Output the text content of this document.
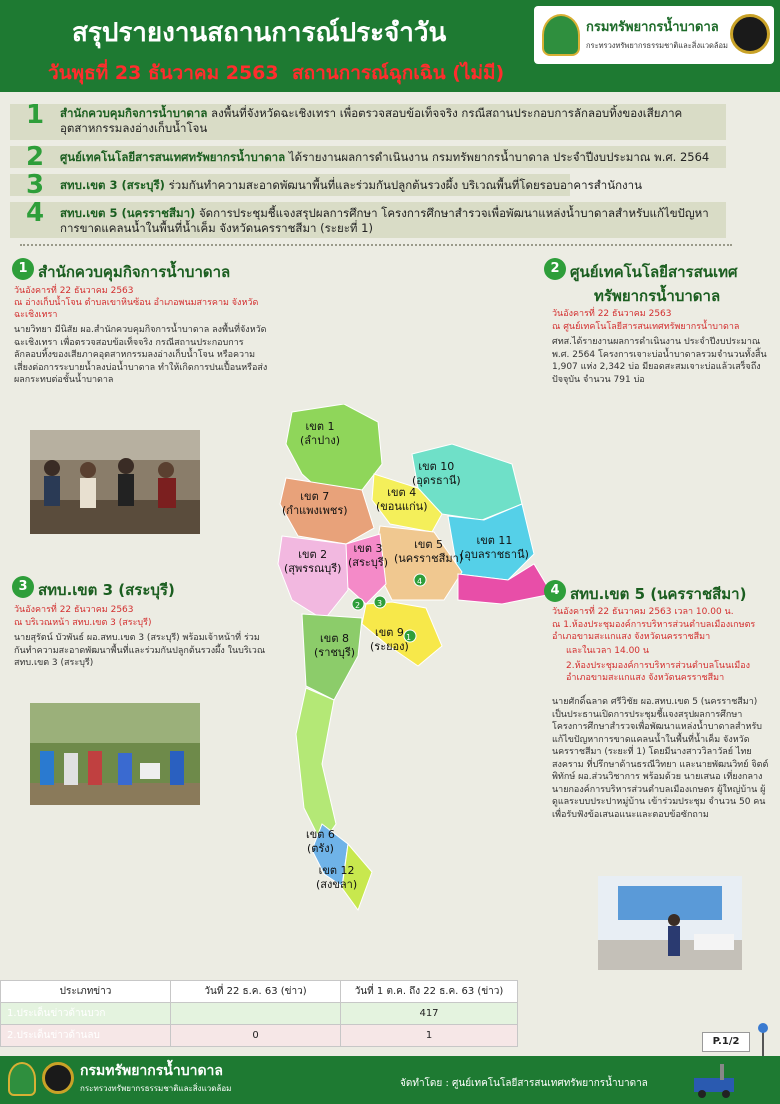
สรุปรายงานสถานการณ์ประจำวัน
วันพุธที่ 23 ธันวาคม 2563 สถานการณ์ฉุกเฉิน (ไม่มี)
กรมทรัพยากรน้ำบาดาล
กระทรวงทรัพยากรธรรมชาติและสิ่งแวดล้อม
1 สำนักควบคุมกิจการน้ำบาดาล ลงพื้นที่จังหวัดฉะเชิงเทรา เพื่อตรวจสอบข้อเท็จจริง กรณีสถานประกอบการลักลอบทิ้งของเสียภาคอุตสาหกรรมลงอ่างเก็บน้ำโจน
2 ศูนย์เทคโนโลยีสารสนเทศทรัพยากรน้ำบาดาล ได้รายงานผลการดำเนินงาน กรมทรัพยากรน้ำบาดาล ประจำปีงบประมาณ พ.ศ. 2564
3 สทบ.เขต 3 (สระบุรี) ร่วมกันทำความสะอาดพัฒนาพื้นที่และร่วมกันปลูกต้นรวงผึ้ง บริเวณพื้นที่โดยรอบอาคารสำนักงาน
4 สทบ.เขต 5 (นครราชสีมา) จัดการประชุมชี้แจงสรุปผลการศึกษา โครงการศึกษาสำรวจเพื่อพัฒนาแหล่งน้ำบาดาลสำหรับแก้ไขปัญหาการขาดแคลนน้ำในพื้นที่น้ำเค็ม จังหวัดนครราชสีมา (ระยะที่ 1)
1 สำนักควบคุมกิจการน้ำบาดาล
วันอังคารที่ 22 ธันวาคม 2563
ณ อ่างเก็บน้ำโจน ตำบลเขาหินซ้อน อำเภอพนมสารคาม จังหวัดฉะเชิงเทรา
นายวิทยา มีนิสัย ผอ.สำนักควบคุมกิจการน้ำบาดาล ลงพื้นที่จังหวัดฉะเชิงเทรา เพื่อตรวจสอบข้อเท็จจริง กรณีสถานประกอบการลักลอบทิ้งของเสียภาคอุตสาหกรรมลงอ่างเก็บน้ำโจน หรือความเสี่ยงต่อการระบายน้ำลงบ่อน้ำบาดาล ทำให้เกิดการปนเปื้อนหรือส่งผลกระทบต่อชั้นน้ำบาดาล
2 ศูนย์เทคโนโลยีสารสนเทศ
ทรัพยากรน้ำบาดาล
วันอังคารที่ 22 ธันวาคม 2563
ณ ศูนย์เทคโนโลยีสารสนเทศทรัพยากรน้ำบาดาล
ศทส.ได้รายงานผลการดำเนินงาน ประจำปีงบประมาณ พ.ศ. 2564 โครงการเจาะบ่อน้ำบาดาลรวมจำนวนทั้งสิ้น 1,907 แห่ง 2,342 บ่อ มียอดสะสมเจาะบ่อแล้วเสร็จถึงปัจจุบัน จำนวน 791 บ่อ
เขต 1
(ลำปาง)
เขต 10
(อุดรธานี)
เขต 4
(ขอนแก่น)
เขต 7
(กำแพงเพชร)
เขต 5
(นครราชสีมา)
เขต 11
(อุบลราชธานี)
เขต 2
(สุพรรณบุรี)
เขต 3
(สระบุรี)
เขต 8
(ราชบุรี)
เขต 9
(ระยอง)
เขต 6
(ตรัง)
เขต 12
(สงขลา)
1
2 3
4
3 สทบ.เขต 3 (สระบุรี)
วันอังคารที่ 22 ธันวาคม 2563
ณ บริเวณหน้า สทบ.เขต 3 (สระบุรี)
นายสุรัตน์ บัวพันธ์ ผอ.สทบ.เขต 3 (สระบุรี) พร้อมเจ้าหน้าที่ ร่วมกันทำความสะอาดพัฒนาพื้นที่และร่วมกันปลูกต้นรวงผึ้ง ในบริเวณ สทบ.เขต 3 (สระบุรี)
4 สทบ.เขต 5 (นครราชสีมา)
วันอังคารที่ 22 ธันวาคม 2563 เวลา 10.00 น.
ณ 1.ห้องประชุมองค์การบริหารส่วนตำบลเมืองเกษตร อำเภอขามสะแกแสง จังหวัดนครราชสีมา
และในเวลา 14.00 น
2.ห้องประชุมองค์การบริหารส่วนตำบลโนนเมือง อำเภอขามสะแกแสง จังหวัดนครราชสีมา
นายศักดิ์ฉลาด ศรีวิชัย ผอ.สทบ.เขต 5 (นครราชสีมา) เป็นประธานเปิดการประชุมชี้แจงสรุปผลการศึกษา โครงการศึกษาสำรวจเพื่อพัฒนาแหล่งน้ำบาดาลสำหรับแก้ไขปัญหาการขาดแคลนน้ำในพื้นที่น้ำเค็ม จังหวัดนครราชสีมา (ระยะที่ 1) โดยมีนางสาววิลาวัลย์ ไทยสงคราม ที่ปรึกษาด้านธรณีวิทยา และนายพัฒนวิทย์ จิตต์พิทักษ์ ผอ.ส่วนวิชาการ พร้อมด้วย นายเสนอ เที่ยงกลาง นายกองค์การบริหารส่วนตำบลเมืองเกษตร ผู้ใหญ่บ้าน ผู้ดูแลระบบประปาหมู่บ้าน เข้าร่วมประชุม จำนวน 50 คน เพื่อรับฟังข้อเสนอแนะและตอบข้อซักถาม
ประเภทข่าว	วันที่ 22 ธ.ค. 63 (ข่าว)	วันที่ 1 ต.ค. ถึง 22 ธ.ค. 63 (ข่าว)
1.ประเด็นข่าวด้านบวก		417
2.ประเด็นข่าวด้านลบ	0	1
P.1/2
กรมทรัพยากรน้ำบาดาล
กระทรวงทรัพยากรธรรมชาติและสิ่งแวดล้อม	จัดทำโดย : ศูนย์เทคโนโลยีสารสนเทศทรัพยากรน้ำบาดาล
